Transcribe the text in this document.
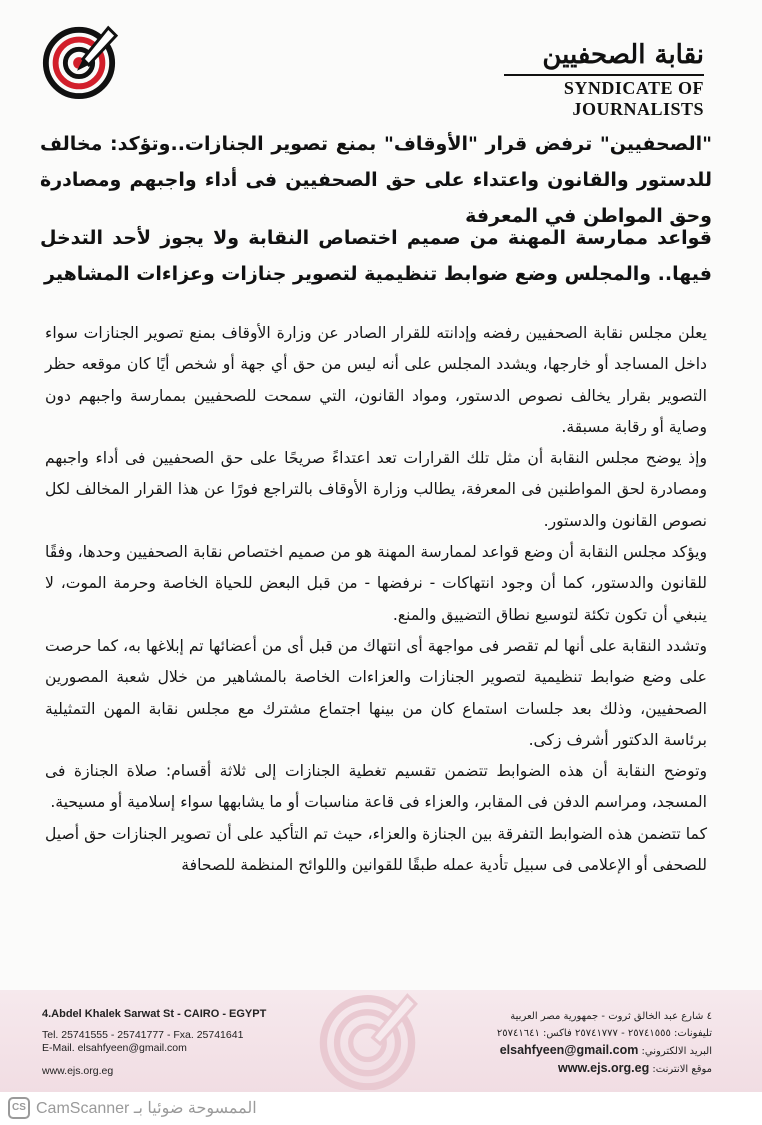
نقابة الصحفيين
SYNDICATE OF JOURNALISTS
"الصحفيين" ترفض قرار "الأوقاف" بمنع تصوير الجنازات..وتؤكد: مخالف للدستور والقانون واعتداء على حق الصحفيين فى أداء واجبهم ومصادرة وحق المواطن في المعرفة
قواعد ممارسة المهنة من صميم اختصاص النقابة ولا يجوز لأحد التدخل فيها.. والمجلس وضع ضوابط تنظيمية لتصوير جنازات وعزاءات المشاهير

يعلن مجلس نقابة الصحفيين رفضه وإدانته للقرار الصادر عن وزارة الأوقاف بمنع تصوير الجنازات سواء داخل المساجد أو خارجها، ويشدد المجلس على أنه ليس من حق أي جهة أو شخص أيًا كان موقعه حظر التصوير بقرار يخالف نصوص الدستور، ومواد القانون، التي سمحت للصحفيين بممارسة واجبهم دون وصاية أو رقابة مسبقة.

وإذ يوضح مجلس النقابة أن مثل تلك القرارات تعد اعتداءً صريحًا على حق الصحفيين فى أداء واجبهم ومصادرة لحق المواطنين فى المعرفة، يطالب وزارة الأوقاف بالتراجع فورًا عن هذا القرار المخالف لكل نصوص القانون والدستور.

ويؤكد مجلس النقابة أن وضع قواعد لممارسة المهنة هو من صميم اختصاص نقابة الصحفيين وحدها، وفقًا للقانون والدستور، كما أن وجود انتهاكات - نرفضها - من قبل البعض للحياة الخاصة وحرمة الموت، لا ينبغي أن تكون تكئة لتوسيع نطاق التضييق والمنع.

وتشدد النقابة على أنها لم تقصر فى مواجهة أى انتهاك من قبل أى من أعضائها تم إبلاغها به، كما حرصت على وضع ضوابط تنظيمية لتصوير الجنازات والعزاءات الخاصة بالمشاهير من خلال شعبة المصورين الصحفيين، وذلك بعد جلسات استماع كان من بينها اجتماع مشترك مع مجلس نقابة المهن التمثيلية برئاسة الدكتور أشرف زكى.

وتوضح النقابة أن هذه الضوابط تتضمن تقسيم تغطية الجنازات إلى ثلاثة أقسام: صلاة الجنازة فى المسجد، ومراسم الدفن فى المقابر، والعزاء فى قاعة مناسبات أو ما يشابهها سواء إسلامية أو مسيحية.

كما تتضمن هذه الضوابط التفرقة بين الجنازة والعزاء، حيث تم التأكيد على أن تصوير الجنازات حق أصيل للصحفى أو الإعلامى فى سبيل تأدية عمله طبقًا للقوانين واللوائح المنظمة للصحافة

4.Abdel Khalek Sarwat St - CAIRO - EGYPT
Tel. 25741555 - 25741777 - Fxa. 25741641
E-Mail. elsahfyeen@gmail.com
www.ejs.org.eg
٤ شارع عبد الخالق ثروت - جمهورية مصر العربية
تليفونات: ٢٥٧٤١٥٥٥ - ٢٥٧٤١٧٧٧ فاكس: ٢٥٧٤١٦٤١
البريد الالكتروني: elsahfyeen@gmail.com
موقع الانترنت: www.ejs.org.eg
CS CamScanner الممسوحة ضوئيا بـ
